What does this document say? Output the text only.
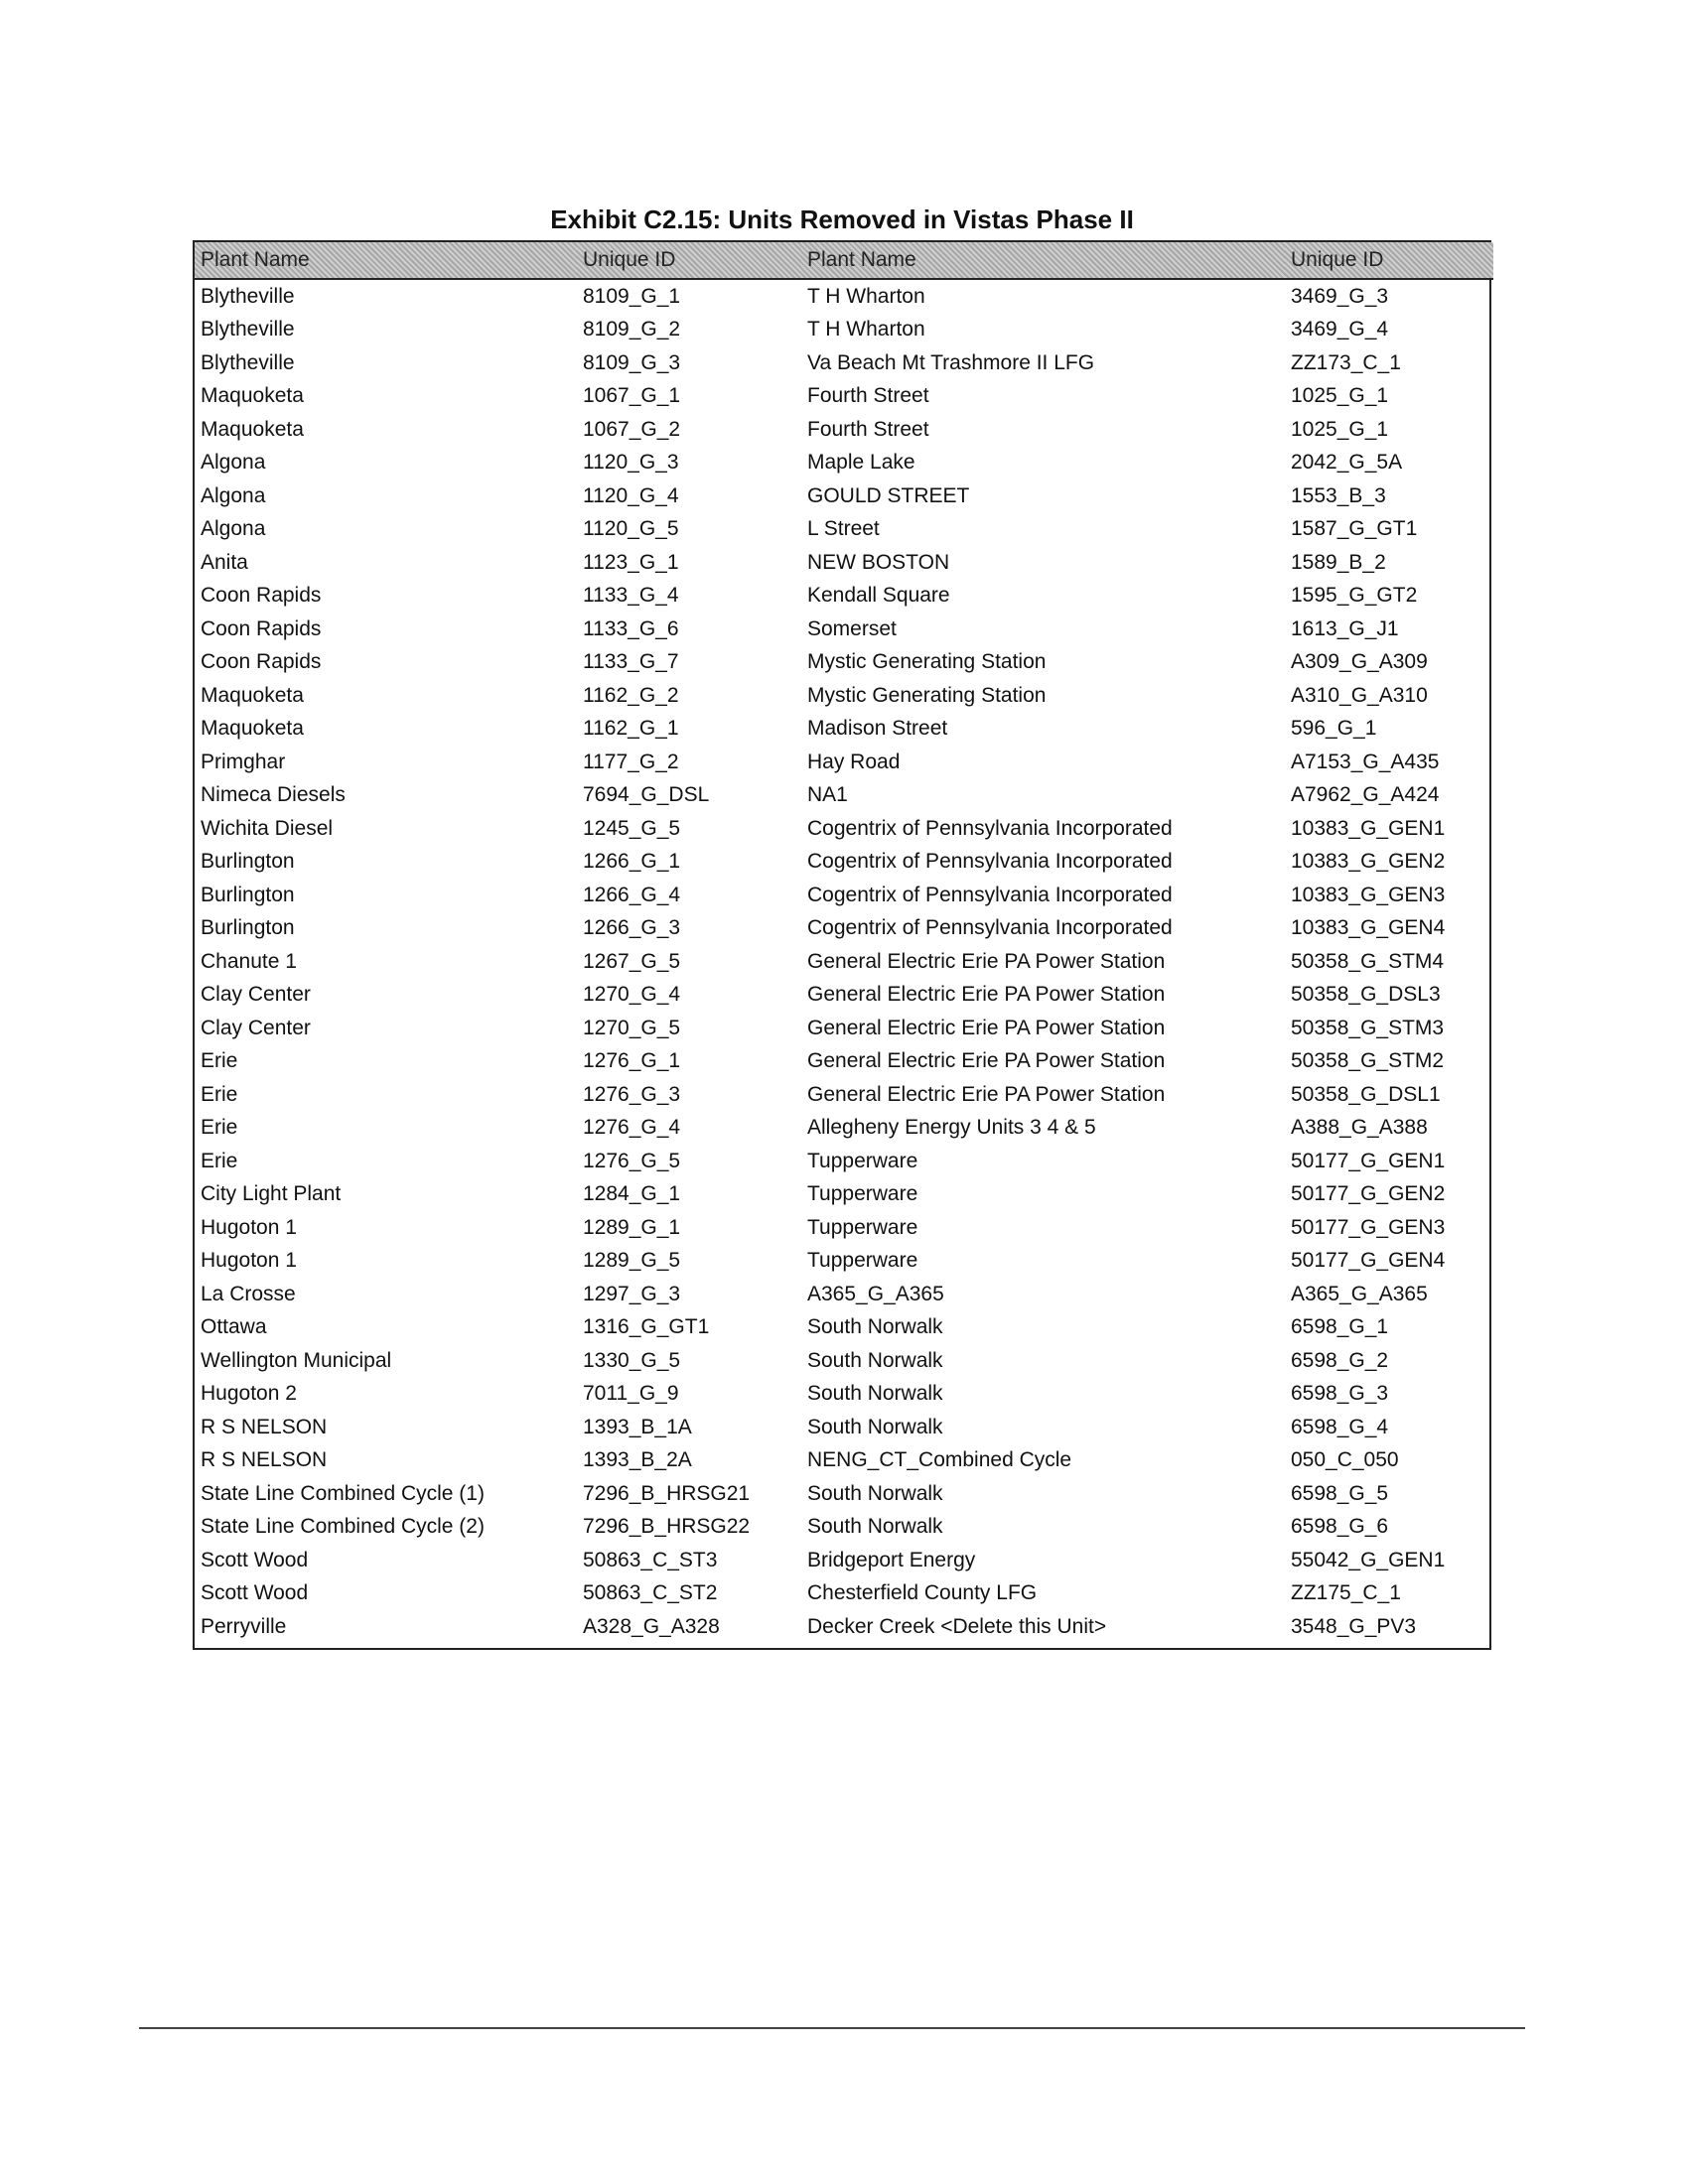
Exhibit C2.15: Units Removed in Vistas Phase II
Plant Name	Unique ID	Plant Name	Unique ID
Blytheville	8109_G_1	T H Wharton	3469_G_3
Blytheville	8109_G_2	T H Wharton	3469_G_4
Blytheville	8109_G_3	Va Beach Mt Trashmore II LFG	ZZ173_C_1
Maquoketa	1067_G_1	Fourth Street	1025_G_1
Maquoketa	1067_G_2	Fourth Street	1025_G_1
Algona	1120_G_3	Maple Lake	2042_G_5A
Algona	1120_G_4	GOULD STREET	1553_B_3
Algona	1120_G_5	L Street	1587_G_GT1
Anita	1123_G_1	NEW BOSTON	1589_B_2
Coon Rapids	1133_G_4	Kendall Square	1595_G_GT2
Coon Rapids	1133_G_6	Somerset	1613_G_J1
Coon Rapids	1133_G_7	Mystic Generating Station	A309_G_A309
Maquoketa	1162_G_2	Mystic Generating Station	A310_G_A310
Maquoketa	1162_G_1	Madison Street	596_G_1
Primghar	1177_G_2	Hay Road	A7153_G_A435
Nimeca Diesels	7694_G_DSL	NA1	A7962_G_A424
Wichita Diesel	1245_G_5	Cogentrix of Pennsylvania Incorporated	10383_G_GEN1
Burlington	1266_G_1	Cogentrix of Pennsylvania Incorporated	10383_G_GEN2
Burlington	1266_G_4	Cogentrix of Pennsylvania Incorporated	10383_G_GEN3
Burlington	1266_G_3	Cogentrix of Pennsylvania Incorporated	10383_G_GEN4
Chanute 1	1267_G_5	General Electric Erie PA Power Station	50358_G_STM4
Clay Center	1270_G_4	General Electric Erie PA Power Station	50358_G_DSL3
Clay Center	1270_G_5	General Electric Erie PA Power Station	50358_G_STM3
Erie	1276_G_1	General Electric Erie PA Power Station	50358_G_STM2
Erie	1276_G_3	General Electric Erie PA Power Station	50358_G_DSL1
Erie	1276_G_4	Allegheny Energy Units 3 4 & 5	A388_G_A388
Erie	1276_G_5	Tupperware	50177_G_GEN1
City Light Plant	1284_G_1	Tupperware	50177_G_GEN2
Hugoton 1	1289_G_1	Tupperware	50177_G_GEN3
Hugoton 1	1289_G_5	Tupperware	50177_G_GEN4
La Crosse	1297_G_3	A365_G_A365	A365_G_A365
Ottawa	1316_G_GT1	South Norwalk	6598_G_1
Wellington Municipal	1330_G_5	South Norwalk	6598_G_2
Hugoton 2	7011_G_9	South Norwalk	6598_G_3
R S NELSON	1393_B_1A	South Norwalk	6598_G_4
R S NELSON	1393_B_2A	NENG_CT_Combined Cycle	050_C_050
State Line Combined Cycle (1)	7296_B_HRSG21	South Norwalk	6598_G_5
State Line Combined Cycle (2)	7296_B_HRSG22	South Norwalk	6598_G_6
Scott Wood	50863_C_ST3	Bridgeport Energy	55042_G_GEN1
Scott Wood	50863_C_ST2	Chesterfield County LFG	ZZ175_C_1
Perryville	A328_G_A328	Decker Creek <Delete this Unit>	3548_G_PV3
